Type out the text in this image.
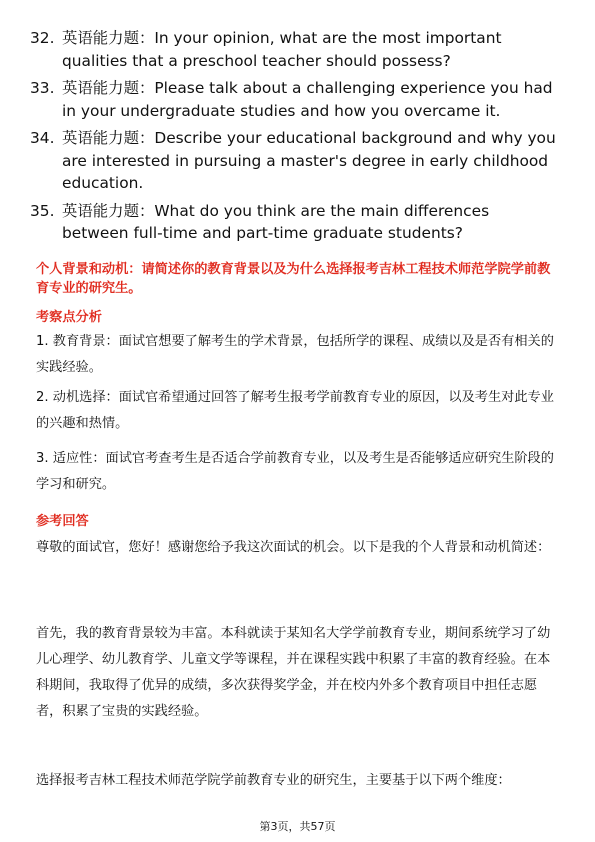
32. 英语能力题：In your opinion, what are the most important qualities that a preschool teacher should possess?
33. 英语能力题：Please talk about a challenging experience you had in your undergraduate studies and how you overcame it.
34. 英语能力题：Describe your educational background and why you are interested in pursuing a master's degree in early childhood education.
35. 英语能力题：What do you think are the main differences between full-time and part-time graduate students?
个人背景和动机：请简述你的教育背景以及为什么选择报考吉林工程技术师范学院学前教育专业的研究生。
考察点分析
1. 教育背景：面试官想要了解考生的学术背景，包括所学的课程、成绩以及是否有相关的实践经验。
2. 动机选择：面试官希望通过回答了解考生报考学前教育专业的原因，以及考生对此专业的兴趣和热情。
3. 适应性：面试官考查考生是否适合学前教育专业，以及考生是否能够适应研究生阶段的学习和研究。
参考回答
尊敬的面试官，您好！感谢您给予我这次面试的机会。以下是我的个人背景和动机简述：
首先，我的教育背景较为丰富。本科就读于某知名大学学前教育专业，期间系统学习了幼儿心理学、幼儿教育学、儿童文学等课程，并在课程实践中积累了丰富的教育经验。在本科期间，我取得了优异的成绩，多次获得奖学金，并在校内外多个教育项目中担任志愿者，积累了宝贵的实践经验。
选择报考吉林工程技术师范学院学前教育专业的研究生，主要基于以下两个维度：
第3页，共57页
